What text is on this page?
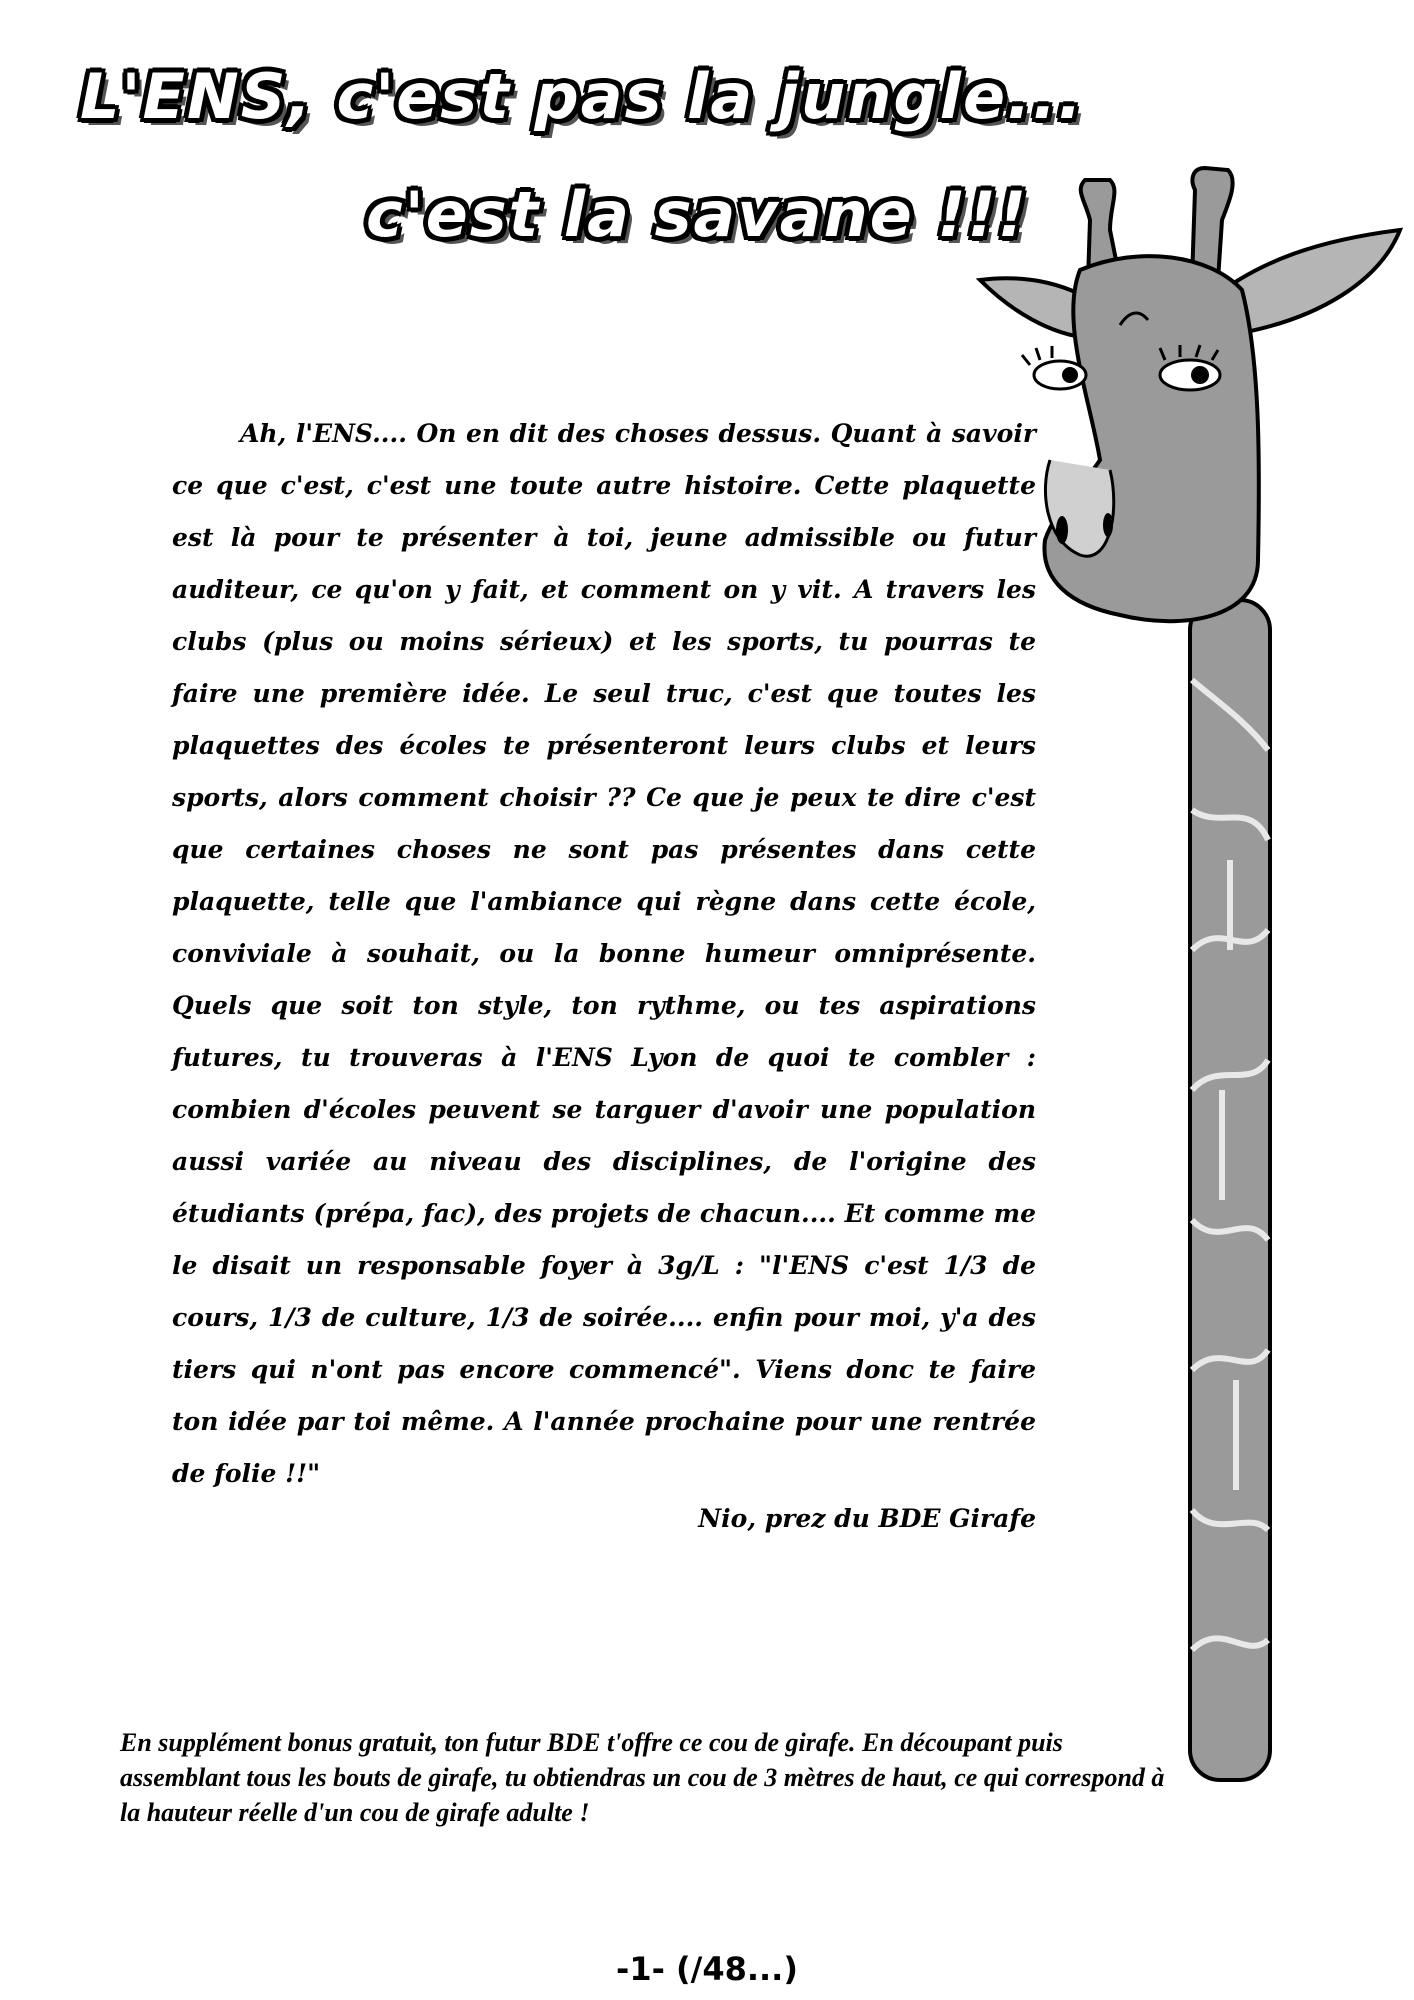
L'ENS, c'est pas la jungle...
c'est la savane !!!

Ah, l'ENS.... On en dit des choses dessus. Quant à savoir ce que c'est, c'est une toute autre histoire. Cette plaquette est là pour te présenter à toi, jeune admissible ou futur auditeur, ce qu'on y fait, et comment on y vit. A travers les clubs (plus ou moins sérieux) et les sports, tu pourras te faire une première idée. Le seul truc, c'est que toutes les plaquettes des écoles te présenteront leurs clubs et leurs sports, alors comment choisir ?? Ce que je peux te dire c'est que certaines choses ne sont pas présentes dans cette plaquette, telle que l'ambiance qui règne dans cette école, conviviale à souhait, ou la bonne humeur omniprésente. Quels que soit ton style, ton rythme, ou tes aspirations futures, tu trouveras à l'ENS Lyon de quoi te combler : combien d'écoles peuvent se targuer d'avoir une population aussi variée au niveau des disciplines, de l'origine des étudiants (prépa, fac), des projets de chacun.... Et comme me le disait un responsable foyer à 3g/L : "l'ENS c'est 1/3 de cours, 1/3 de culture, 1/3 de soirée.... enfin pour moi, y'a des tiers qui n'ont pas encore commencé". Viens donc te faire ton idée par toi même. A l'année prochaine pour une rentrée de folie !!"

Nio, prez du BDE Girafe

En supplément bonus gratuit, ton futur BDE t'offre ce cou de girafe. En découpant puis assemblant tous les bouts de girafe, tu obtiendras un cou de 3 mètres de haut, ce qui correspond à la hauteur réelle d'un cou de girafe adulte !

-1- (/48...)
